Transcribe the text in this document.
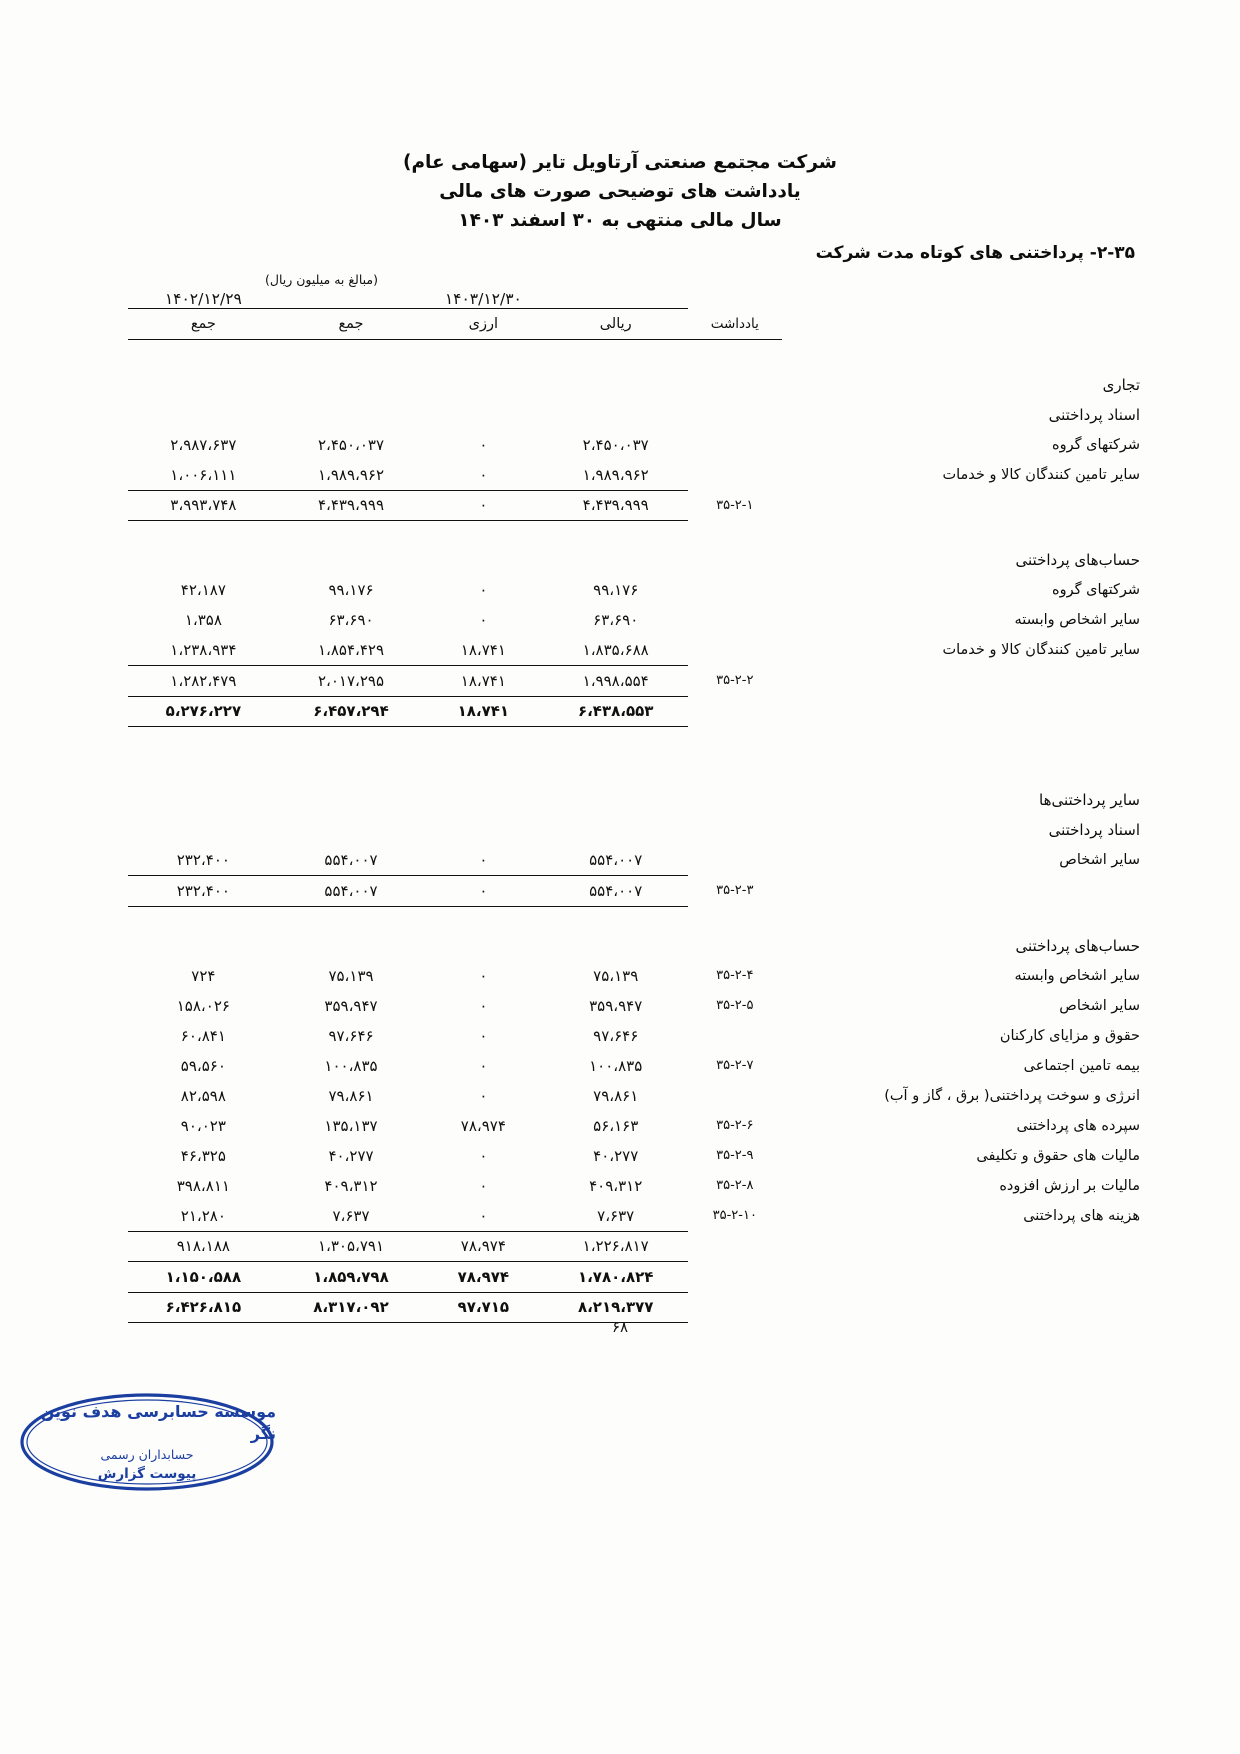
شرکت مجتمع صنعتی آرتاویل تایر (سهامی عام)
یادداشت های توضیحی صورت های مالی
سال مالی منتهی به ۳۰ اسفند ۱۴۰۳
۲-۳۵- پرداختنی های کوتاه مدت شرکت
(مبالغ به میلیون ریال)
		۱۴۰۳/۱۲/۳۰			۱۴۰۲/۱۲/۲۹

	یادداشت	ریالی	ارزی	جمع	جمع

تجاری					
اسناد پرداختنی					
شرکتهای گروه		۲،۴۵۰،۰۳۷	۰	۲،۴۵۰،۰۳۷	۲،۹۸۷،۶۳۷
سایر تامین کنندگان کالا و خدمات		۱،۹۸۹،۹۶۲	۰	۱،۹۸۹،۹۶۲	۱،۰۰۶،۱۱۱

	۳۵-۲-۱	۴،۴۳۹،۹۹۹	۰	۴،۴۳۹،۹۹۹	۳،۹۹۳،۷۴۸

حساب‌های پرداختنی					
شرکتهای گروه		۹۹،۱۷۶	۰	۹۹،۱۷۶	۴۲،۱۸۷
سایر اشخاص وابسته		۶۳،۶۹۰	۰	۶۳،۶۹۰	۱،۳۵۸
سایر تامین کنندگان کالا و خدمات		۱،۸۳۵،۶۸۸	۱۸،۷۴۱	۱،۸۵۴،۴۲۹	۱،۲۳۸،۹۳۴

	۳۵-۲-۲	۱،۹۹۸،۵۵۴	۱۸،۷۴۱	۲،۰۱۷،۲۹۵	۱،۲۸۲،۴۷۹

		۶،۴۳۸،۵۵۳	۱۸،۷۴۱	۶،۴۵۷،۲۹۴	۵،۲۷۶،۲۲۷

سایر پرداختنی‌ها					
اسناد پرداختنی					
سایر اشخاص		۵۵۴،۰۰۷	۰	۵۵۴،۰۰۷	۲۳۲،۴۰۰

	۳۵-۲-۳	۵۵۴،۰۰۷	۰	۵۵۴،۰۰۷	۲۳۲،۴۰۰

حساب‌های پرداختنی					
سایر اشخاص وابسته	۳۵-۲-۴	۷۵،۱۳۹	۰	۷۵،۱۳۹	۷۲۴
سایر اشخاص	۳۵-۲-۵	۳۵۹،۹۴۷	۰	۳۵۹،۹۴۷	۱۵۸،۰۲۶
حقوق و مزایای کارکنان		۹۷،۶۴۶	۰	۹۷،۶۴۶	۶۰،۸۴۱
بیمه تامین اجتماعی	۳۵-۲-۷	۱۰۰،۸۳۵	۰	۱۰۰،۸۳۵	۵۹،۵۶۰
انرژی و سوخت پرداختنی( برق ، گاز و آب)		۷۹،۸۶۱	۰	۷۹،۸۶۱	۸۲،۵۹۸
سپرده های پرداختنی	۳۵-۲-۶	۵۶،۱۶۳	۷۸،۹۷۴	۱۳۵،۱۳۷	۹۰،۰۲۳
مالیات های حقوق و تکلیفی	۳۵-۲-۹	۴۰،۲۷۷	۰	۴۰،۲۷۷	۴۶،۳۲۵
مالیات بر ارزش افزوده	۳۵-۲-۸	۴۰۹،۳۱۲	۰	۴۰۹،۳۱۲	۳۹۸،۸۱۱
هزینه های پرداختنی	۳۵-۲-۱۰	۷،۶۳۷	۰	۷،۶۳۷	۲۱،۲۸۰

		۱،۲۲۶،۸۱۷	۷۸،۹۷۴	۱،۳۰۵،۷۹۱	۹۱۸،۱۸۸

		۱،۷۸۰،۸۲۴	۷۸،۹۷۴	۱،۸۵۹،۷۹۸	۱،۱۵۰،۵۸۸

		۸،۲۱۹،۳۷۷	۹۷،۷۱۵	۸،۳۱۷،۰۹۲	۶،۴۲۶،۸۱۵

۶۸
موسسه حسابرسی هدف نوین نگر
حسابداران رسمی
پیوست گزارش
